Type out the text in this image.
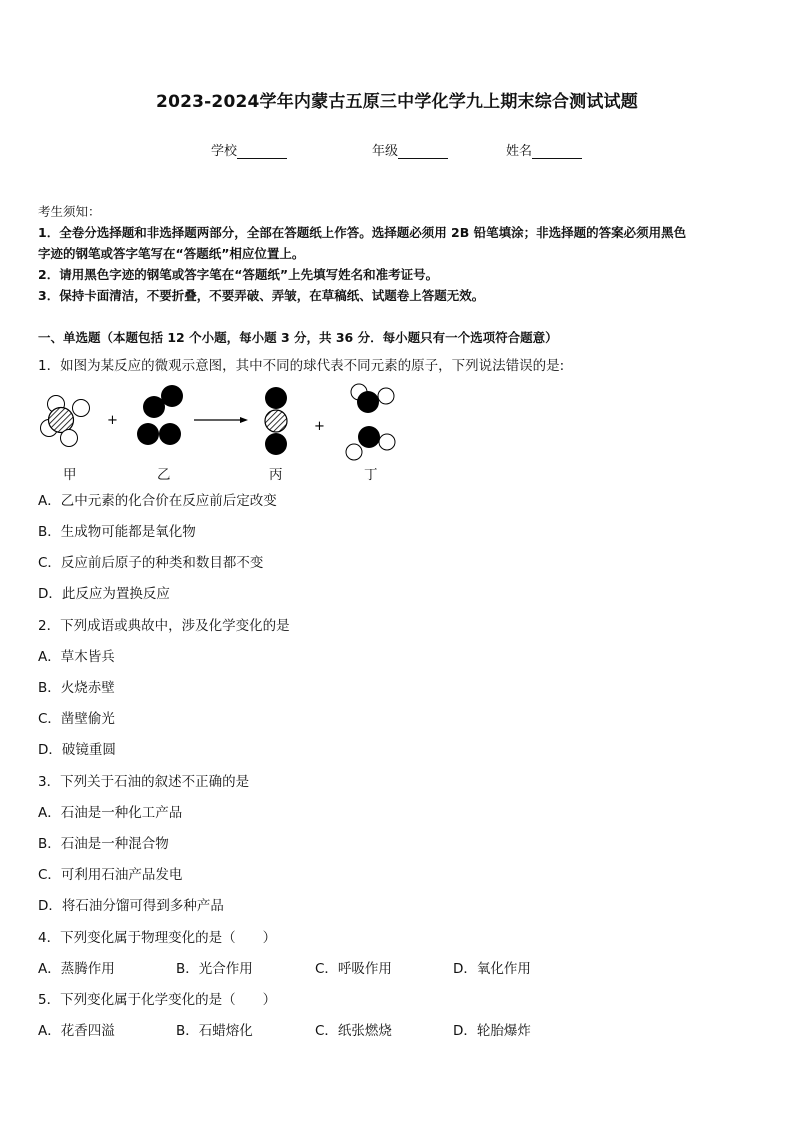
2023-2024学年内蒙古五原三中学化学九上期末综合测试试题
学校	年级	姓名
考生须知：
1．全卷分选择题和非选择题两部分，全部在答题纸上作答。选择题必须用 2B 铅笔填涂；非选择题的答案必须用黑色
字迹的钢笔或答字笔写在“答题纸”相应位置上。
2．请用黑色字迹的钢笔或答字笔在“答题纸”上先填写姓名和准考证号。
3．保持卡面清洁，不要折叠，不要弄破、弄皱，在草稿纸、试题卷上答题无效。
一、单选题（本题包括 12 个小题，每小题 3 分，共 36 分．每小题只有一个选项符合题意）
1．如图为某反应的微观示意图，其中不同的球代表不同元素的原子，下列说法错误的是:
+	+
甲	乙	丙	丁
A．乙中元素的化合价在反应前后定改变
B．生成物可能都是氧化物
C．反应前后原子的种类和数目都不变
D．此反应为置换反应
2．下列成语或典故中，涉及化学变化的是
A．草木皆兵
B．火烧赤壁
C．凿壁偷光
D．破镜重圆
3．下列关于石油的叙述不正确的是
A．石油是一种化工产品
B．石油是一种混合物
C．可利用石油产品发电
D．将石油分馏可得到多种产品
4．下列变化属于物理变化的是（　　）
A．蒸腾作用	B．光合作用	C．呼吸作用	D．氧化作用
5．下列变化属于化学变化的是（　　）
A．花香四溢	B．石蜡熔化	C．纸张燃烧	D．轮胎爆炸
